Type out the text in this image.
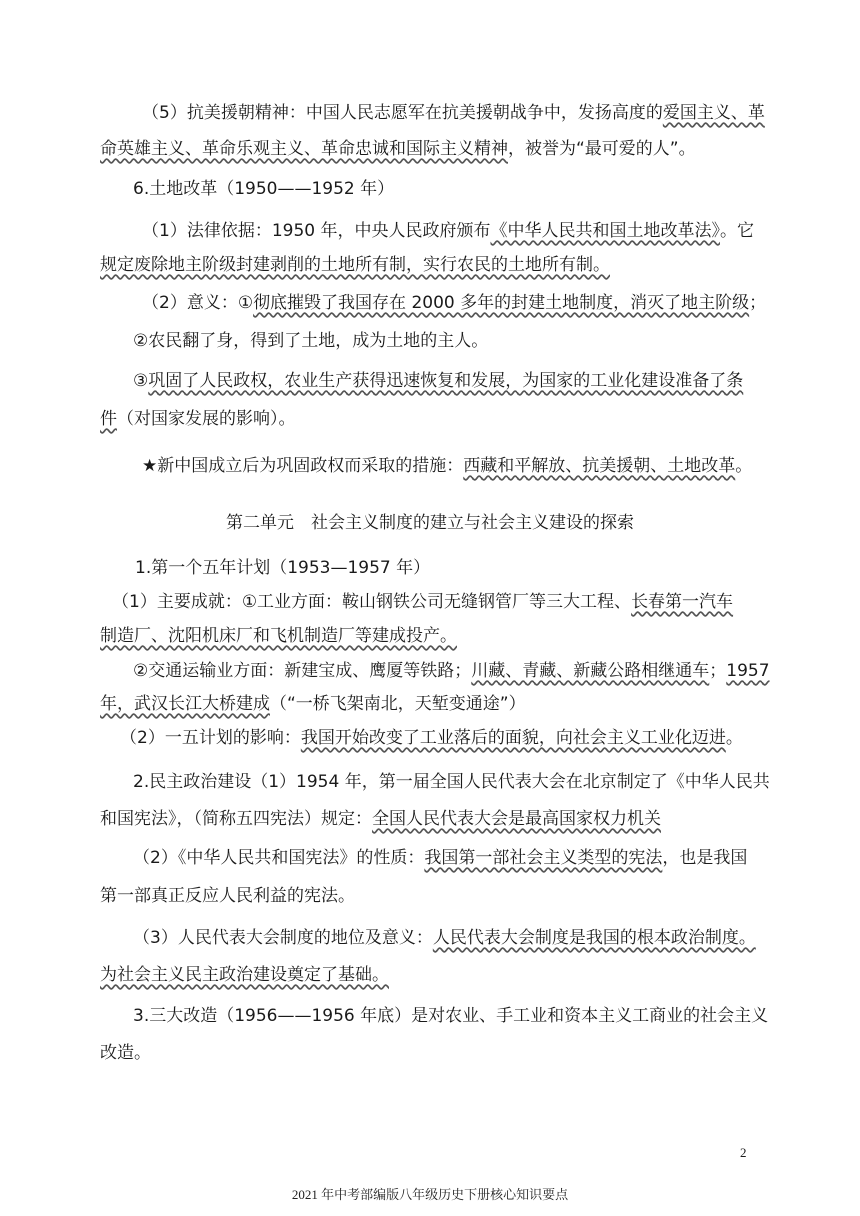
（5）抗美援朝精神：中国人民志愿军在抗美援朝战争中，发扬高度的爱国主义、革
命英雄主义、革命乐观主义、革命忠诚和国际主义精神，被誉为“最可爱的人”。
6.土地改革（1950——1952 年）
（1）法律依据：1950 年，中央人民政府颁布《中华人民共和国土地改革法》。它
规定废除地主阶级封建剥削的土地所有制，实行农民的土地所有制。
（2）意义：①彻底摧毁了我国存在 2000 多年的封建土地制度，消灭了地主阶级；
②农民翻了身，得到了土地，成为土地的主人。
③巩固了人民政权，农业生产获得迅速恢复和发展，为国家的工业化建设准备了条
件（对国家发展的影响）。
★新中国成立后为巩固政权而采取的措施：西藏和平解放、抗美援朝、土地改革。
第二单元　社会主义制度的建立与社会主义建设的探索
1.第一个五年计划（1953—1957 年）
（1）主要成就：①工业方面：鞍山钢铁公司无缝钢管厂等三大工程、长春第一汽车
制造厂、沈阳机床厂和飞机制造厂等建成投产。
②交通运输业方面：新建宝成、鹰厦等铁路；川藏、青藏、新藏公路相继通车；1957
年，武汉长江大桥建成（“一桥飞架南北，天堑变通途”）
（2）一五计划的影响：我国开始改变了工业落后的面貌，向社会主义工业化迈进。
2.民主政治建设（1）1954 年，第一届全国人民代表大会在北京制定了《中华人民共
和国宪法》，（简称五四宪法）规定：全国人民代表大会是最高国家权力机关
（2）《中华人民共和国宪法》的性质：我国第一部社会主义类型的宪法，也是我国
第一部真正反应人民利益的宪法。
（3）人民代表大会制度的地位及意义：人民代表大会制度是我国的根本政治制度。
为社会主义民主政治建设奠定了基础。
3.三大改造（1956——1956 年底）是对农业、手工业和资本主义工商业的社会主义
改造。
2
2021 年中考部编版八年级历史下册核心知识要点
